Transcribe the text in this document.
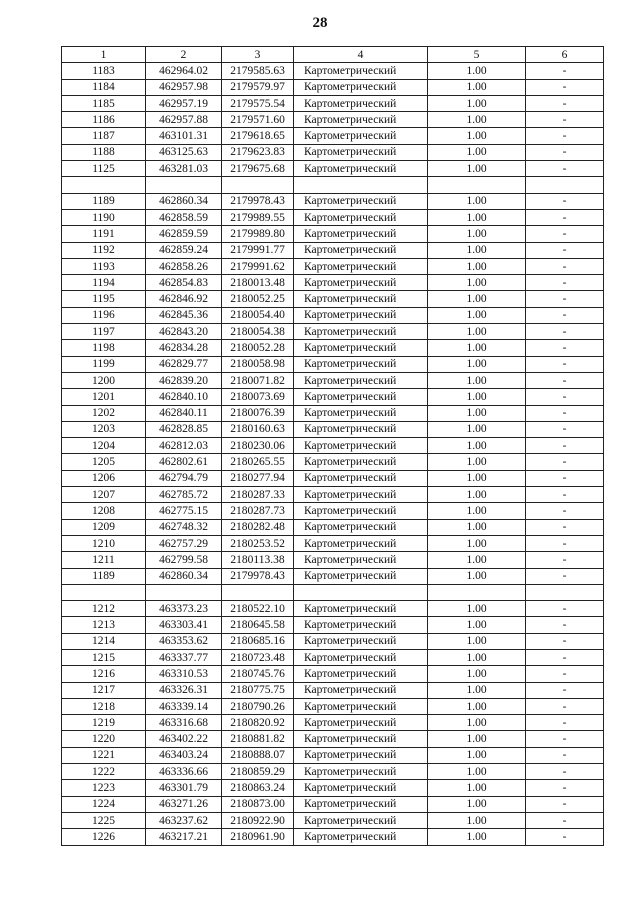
28
1	2	3	4	5	6
1183	462964.02	2179585.63	Картометрический	1.00	-
1184	462957.98	2179579.97	Картометрический	1.00	-
1185	462957.19	2179575.54	Картометрический	1.00	-
1186	462957.88	2179571.60	Картометрический	1.00	-
1187	463101.31	2179618.65	Картометрический	1.00	-
1188	463125.63	2179623.83	Картометрический	1.00	-
1125	463281.03	2179675.68	Картометрический	1.00	-

1189	462860.34	2179978.43	Картометрический	1.00	-
1190	462858.59	2179989.55	Картометрический	1.00	-
1191	462859.59	2179989.80	Картометрический	1.00	-
1192	462859.24	2179991.77	Картометрический	1.00	-
1193	462858.26	2179991.62	Картометрический	1.00	-
1194	462854.83	2180013.48	Картометрический	1.00	-
1195	462846.92	2180052.25	Картометрический	1.00	-
1196	462845.36	2180054.40	Картометрический	1.00	-
1197	462843.20	2180054.38	Картометрический	1.00	-
1198	462834.28	2180052.28	Картометрический	1.00	-
1199	462829.77	2180058.98	Картометрический	1.00	-
1200	462839.20	2180071.82	Картометрический	1.00	-
1201	462840.10	2180073.69	Картометрический	1.00	-
1202	462840.11	2180076.39	Картометрический	1.00	-
1203	462828.85	2180160.63	Картометрический	1.00	-
1204	462812.03	2180230.06	Картометрический	1.00	-
1205	462802.61	2180265.55	Картометрический	1.00	-
1206	462794.79	2180277.94	Картометрический	1.00	-
1207	462785.72	2180287.33	Картометрический	1.00	-
1208	462775.15	2180287.73	Картометрический	1.00	-
1209	462748.32	2180282.48	Картометрический	1.00	-
1210	462757.29	2180253.52	Картометрический	1.00	-
1211	462799.58	2180113.38	Картометрический	1.00	-
1189	462860.34	2179978.43	Картометрический	1.00	-

1212	463373.23	2180522.10	Картометрический	1.00	-
1213	463303.41	2180645.58	Картометрический	1.00	-
1214	463353.62	2180685.16	Картометрический	1.00	-
1215	463337.77	2180723.48	Картометрический	1.00	-
1216	463310.53	2180745.76	Картометрический	1.00	-
1217	463326.31	2180775.75	Картометрический	1.00	-
1218	463339.14	2180790.26	Картометрический	1.00	-
1219	463316.68	2180820.92	Картометрический	1.00	-
1220	463402.22	2180881.82	Картометрический	1.00	-
1221	463403.24	2180888.07	Картометрический	1.00	-
1222	463336.66	2180859.29	Картометрический	1.00	-
1223	463301.79	2180863.24	Картометрический	1.00	-
1224	463271.26	2180873.00	Картометрический	1.00	-
1225	463237.62	2180922.90	Картометрический	1.00	-
1226	463217.21	2180961.90	Картометрический	1.00	-
